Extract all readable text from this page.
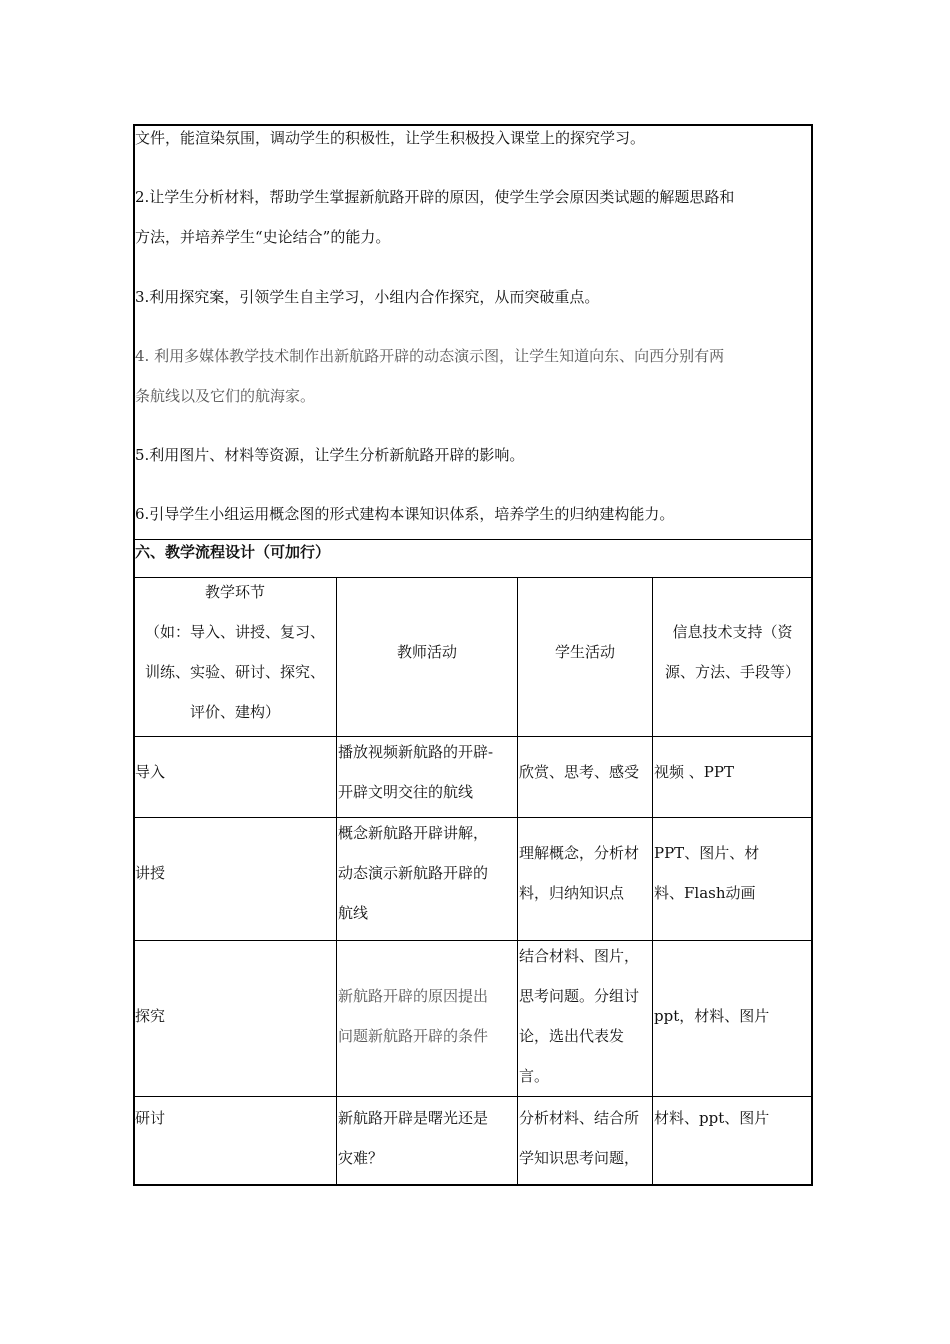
文件，能渲染氛围，调动学生的积极性，让学生积极投入课堂上的探究学习。
2.让学生分析材料，帮助学生掌握新航路开辟的原因，使学生学会原因类试题的解题思路和
方法，并培养学生“史论结合”的能力。
3.利用探究案，引领学生自主学习，小组内合作探究，从而突破重点。
4. 利用多媒体教学技术制作出新航路开辟的动态演示图，让学生知道向东、向西分别有两
条航线以及它们的航海家。
5.利用图片、材料等资源，让学生分析新航路开辟的影响。
6.引导学生小组运用概念图的形式建构本课知识体系，培养学生的归纳建构能力。
六、教学流程设计（可加行）
教学环节
（如：导入、讲授、复习、
训练、实验、研讨、探究、
评价、建构）
教师活动	学生活动
信息技术支持（资
源、方法、手段等）
导入
播放视频新航路的开辟-
开辟文明交往的航线
欣赏、思考、感受 视频 、PPT
讲授
概念新航路开辟讲解，
动态演示新航路开辟的
航线
理解概念，分析材
料，归纳知识点
PPT、图片、材
料、Flash动画
探究
新航路开辟的原因提出
问题新航路开辟的条件
结合材料、图片，
思考问题。分组讨
论，选出代表发
言。
ppt，材料、图片
研讨	新航路开辟是曙光还是
灾难？
分析材料、结合所
学知识思考问题，
材料、ppt、图片
